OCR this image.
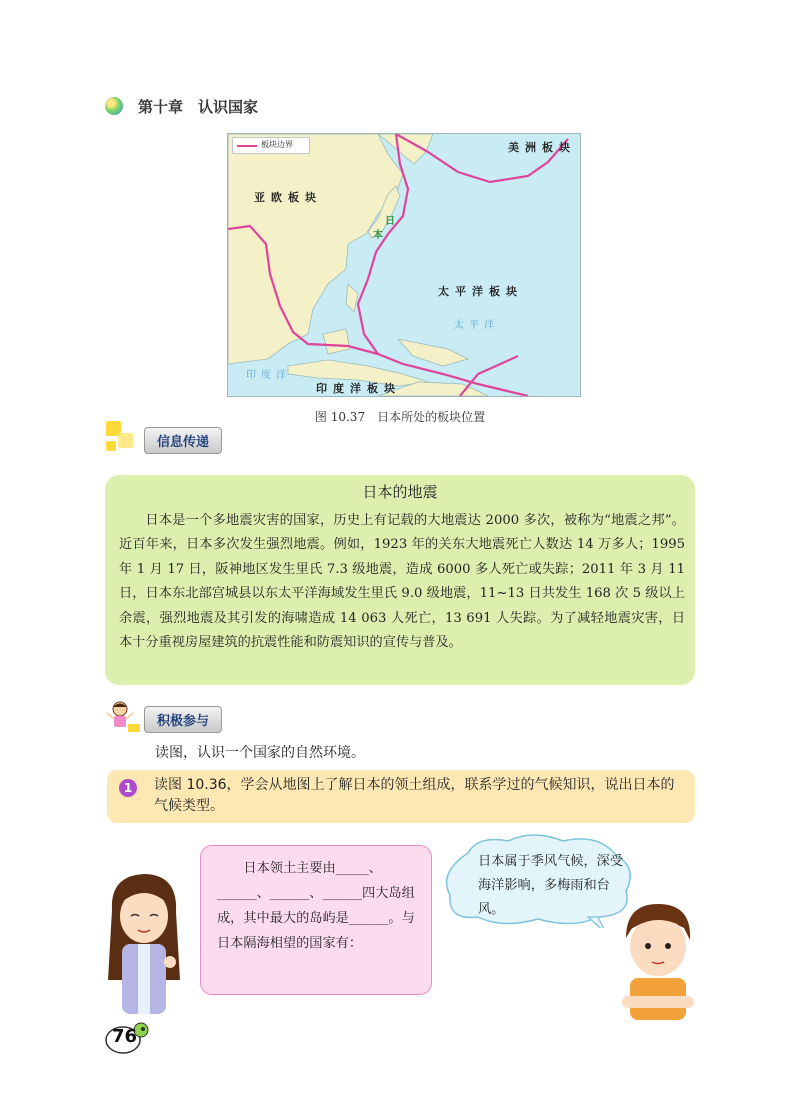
第十章　认识国家
板块边界	美洲板块
亚欧板块
太平洋板块
印度洋板块
日
本
太平洋
印度洋
图 10.37　日本所处的板块位置
信息传递
日本的地震
日本是一个多地震灾害的国家，历史上有记载的大地震达 2000 多次，被称为“地震之邦”。近百年来，日本多次发生强烈地震。例如，1923 年的关东大地震死亡人数达 14 万多人；1995 年 1 月 17 日，阪神地区发生里氏 7.3 级地震，造成 6000 多人死亡或失踪；2011 年 3 月 11 日，日本东北部宫城县以东太平洋海域发生里氏 9.0 级地震，11~13 日共发生 168 次 5 级以上余震，强烈地震及其引发的海啸造成 14 063 人死亡，13 691 人失踪。为了减轻地震灾害，日本十分重视房屋建筑的抗震性能和防震知识的宣传与普及。
积极参与
读图，认识一个国家的自然环境。
1	读图 10.36，学会从地图上了解日本的领土组成，联系学过的气候知识，说出日本的气候类型。
日本领土主要由_____、
______、______、______四大岛组成，其中最大的岛屿是______。与日本隔海相望的国家有：
日本属于季风气候，深受海洋影响，多梅雨和台风。
76
